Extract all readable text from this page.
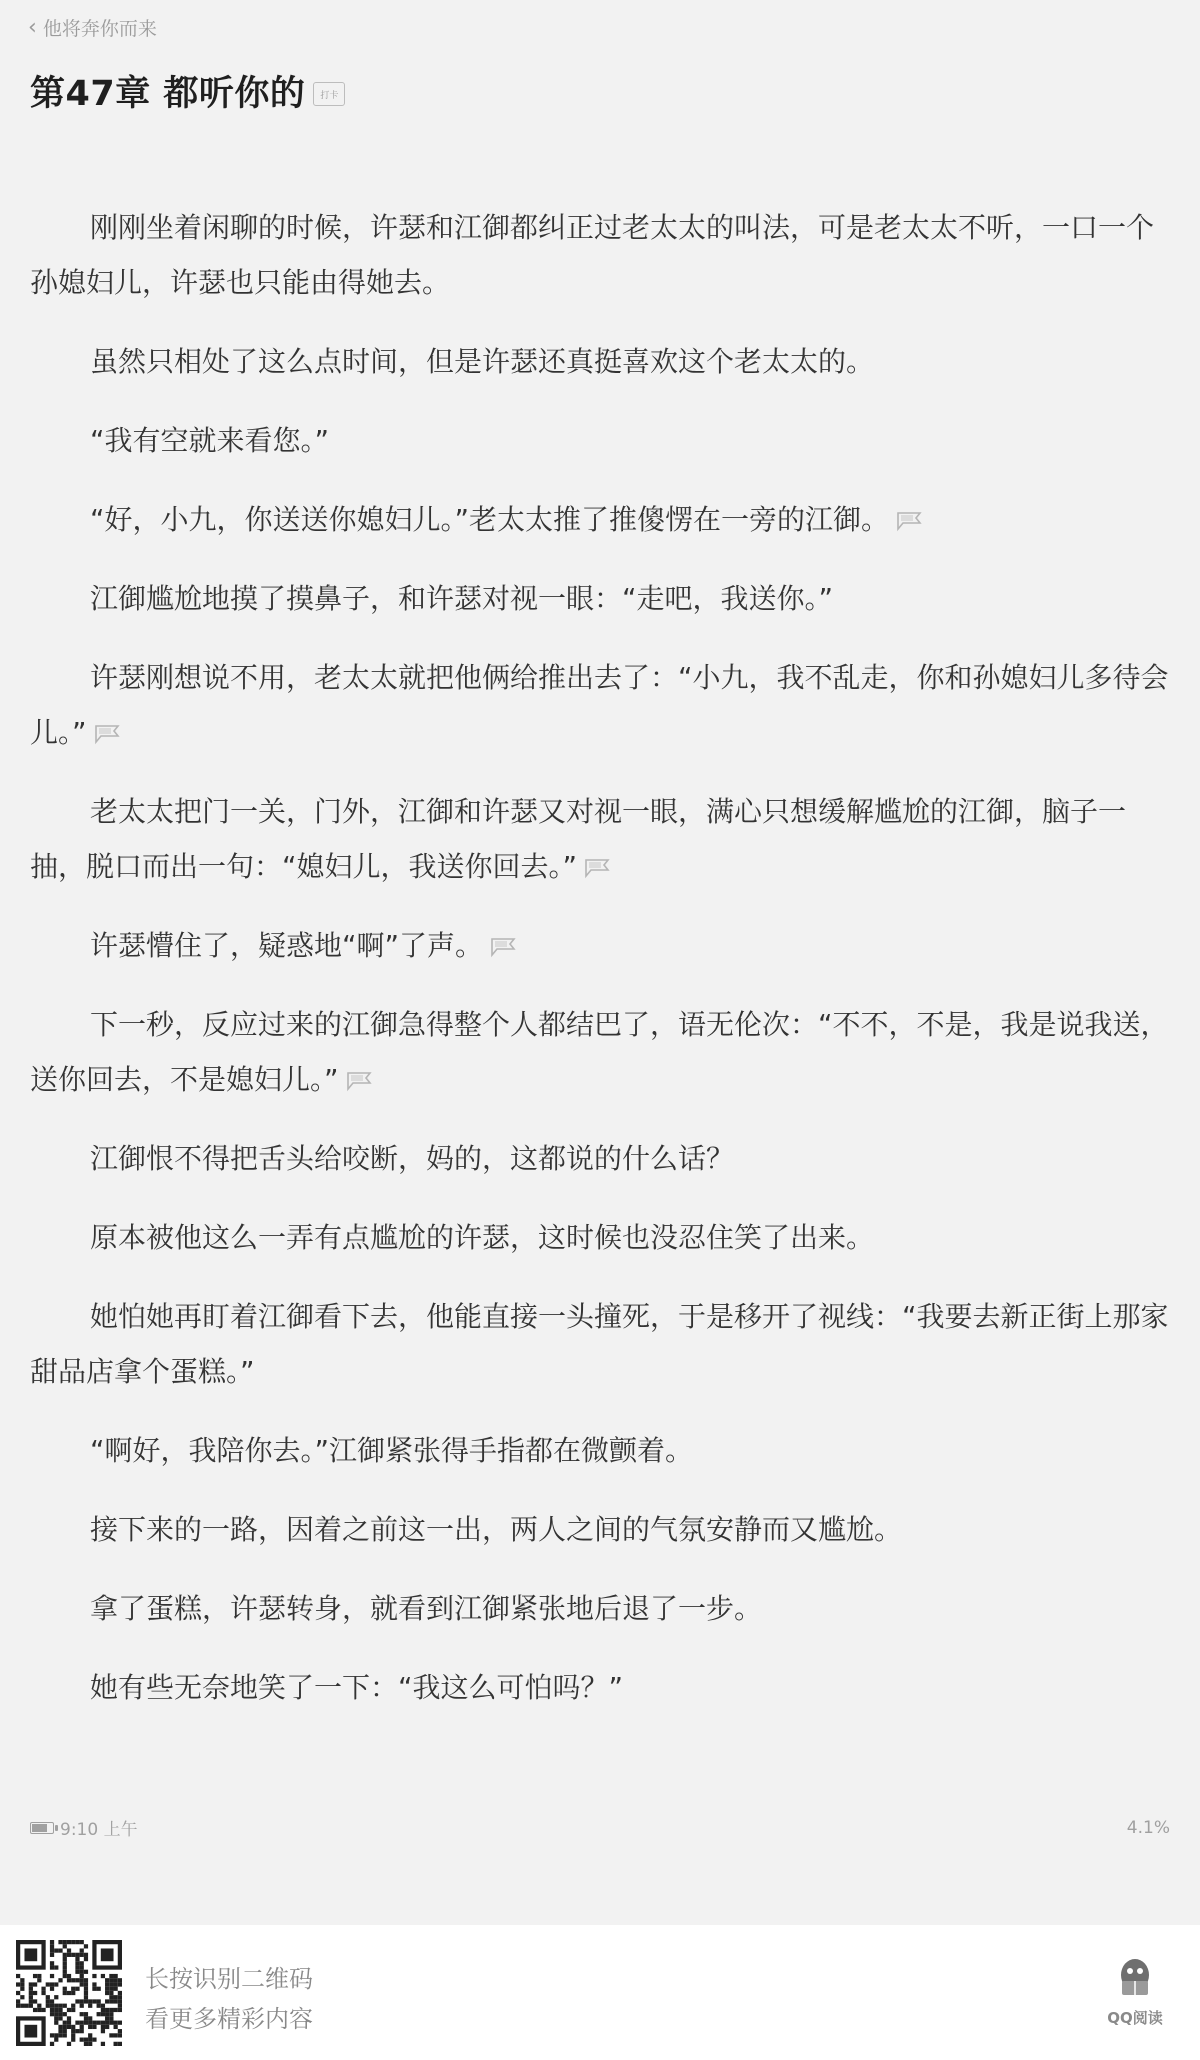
‹ 他将奔你而来
第47章 都听你的	打卡

刚刚坐着闲聊的时候，许瑟和江御都纠正过老太太的叫法，可是老太太不听，一口一个孙媳妇儿，许瑟也只能由得她去。

虽然只相处了这么点时间，但是许瑟还真挺喜欢这个老太太的。

“我有空就来看您。”

“好，小九，你送送你媳妇儿。”老太太推了推傻愣在一旁的江御。

江御尴尬地摸了摸鼻子，和许瑟对视一眼：“走吧，我送你。”

许瑟刚想说不用，老太太就把他俩给推出去了：“小九，我不乱走，你和孙媳妇儿多待会儿。”

老太太把门一关，门外，江御和许瑟又对视一眼，满心只想缓解尴尬的江御，脑子一抽，脱口而出一句：“媳妇儿，我送你回去。”

许瑟懵住了，疑惑地“啊”了声。

下一秒，反应过来的江御急得整个人都结巴了，语无伦次：“不不，不是，我是说我送，送你回去，不是媳妇儿。”

江御恨不得把舌头给咬断，妈的，这都说的什么话？

原本被他这么一弄有点尴尬的许瑟，这时候也没忍住笑了出来。

她怕她再盯着江御看下去，他能直接一头撞死，于是移开了视线：“我要去新正街上那家甜品店拿个蛋糕。”

“啊好，我陪你去。”江御紧张得手指都在微颤着。

接下来的一路，因着之前这一出，两人之间的气氛安静而又尴尬。

拿了蛋糕，许瑟转身，就看到江御紧张地后退了一步。

她有些无奈地笑了一下：“我这么可怕吗？”

9:10 上午	4.1%
长按识别二维码
看更多精彩内容	QQ阅读
